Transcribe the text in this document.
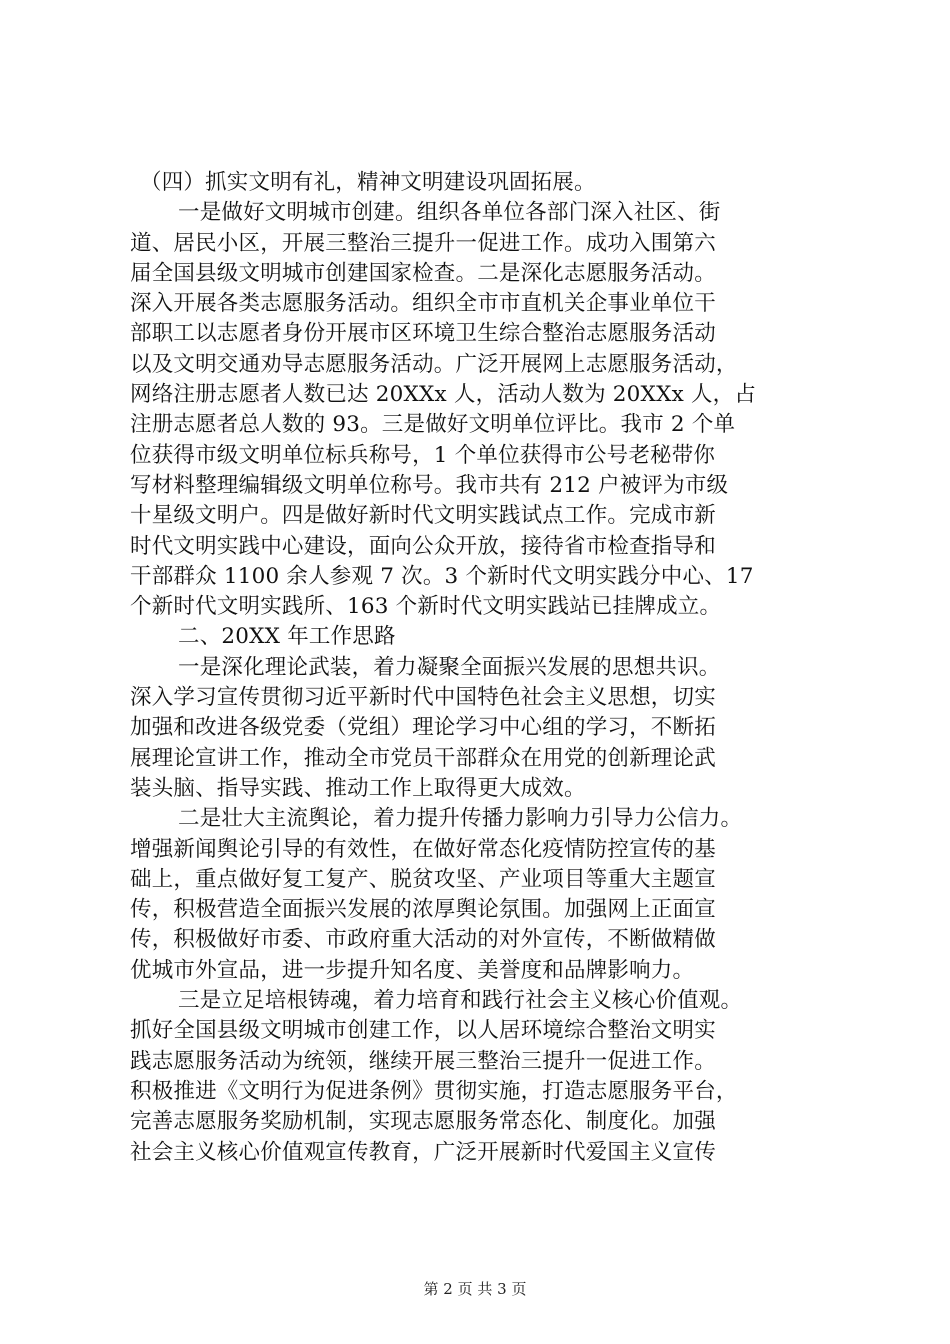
（四）抓实文明有礼，精神文明建设巩固拓展。
一是做好文明城市创建。组织各单位各部门深入社区、街
道、居民小区，开展三整治三提升一促进工作。成功入围第六
届全国县级文明城市创建国家检查。二是深化志愿服务活动。
深入开展各类志愿服务活动。组织全市市直机关企事业单位干
部职工以志愿者身份开展市区环境卫生综合整治志愿服务活动
以及文明交通劝导志愿服务活动。广泛开展网上志愿服务活动，
网络注册志愿者人数已达 20XXx 人，活动人数为 20XXx 人，占
注册志愿者总人数的 93。三是做好文明单位评比。我市 2 个单
位获得市级文明单位标兵称号，1 个单位获得市公号老秘带你
写材料整理编辑级文明单位称号。我市共有 212 户被评为市级
十星级文明户。四是做好新时代文明实践试点工作。完成市新
时代文明实践中心建设，面向公众开放，接待省市检查指导和
干部群众 1100 余人参观 7 次。3 个新时代文明实践分中心、17
个新时代文明实践所、163 个新时代文明实践站已挂牌成立。
二、20XX 年工作思路
一是深化理论武装，着力凝聚全面振兴发展的思想共识。
深入学习宣传贯彻习近平新时代中国特色社会主义思想，切实
加强和改进各级党委（党组）理论学习中心组的学习，不断拓
展理论宣讲工作，推动全市党员干部群众在用党的创新理论武
装头脑、指导实践、推动工作上取得更大成效。
二是壮大主流舆论，着力提升传播力影响力引导力公信力。
增强新闻舆论引导的有效性，在做好常态化疫情防控宣传的基
础上，重点做好复工复产、脱贫攻坚、产业项目等重大主题宣
传，积极营造全面振兴发展的浓厚舆论氛围。加强网上正面宣
传，积极做好市委、市政府重大活动的对外宣传，不断做精做
优城市外宣品，进一步提升知名度、美誉度和品牌影响力。
三是立足培根铸魂，着力培育和践行社会主义核心价值观。
抓好全国县级文明城市创建工作，以人居环境综合整治文明实
践志愿服务活动为统领，继续开展三整治三提升一促进工作。
积极推进《文明行为促进条例》贯彻实施，打造志愿服务平台，
完善志愿服务奖励机制，实现志愿服务常态化、制度化。加强
社会主义核心价值观宣传教育，广泛开展新时代爱国主义宣传
第 2 页 共 3 页
